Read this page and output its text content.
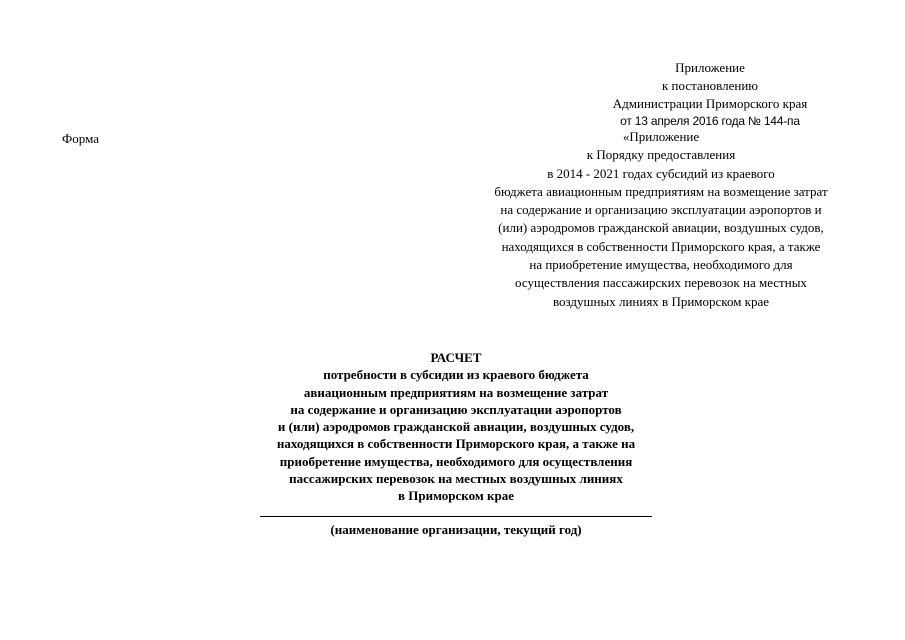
Приложение
к постановлению
Администрации Приморского края
от 13 апреля 2016 года № 144-па
Форма	«Приложение
к Порядку предоставления
в 2014 - 2021 годах субсидий из краевого
бюджета авиационным предприятиям на возмещение затрат
на содержание и организацию эксплуатации аэропортов и
(или) аэродромов гражданской авиации, воздушных судов,
находящихся в собственности Приморского края, а также
на приобретение имущества, необходимого для
осуществления пассажирских перевозок на местных
воздушных линиях в Приморском крае
РАСЧЕТ
потребности в субсидии из краевого бюджета
авиационным предприятиям на возмещение затрат
на содержание и организацию эксплуатации аэропортов
и (или) аэродромов гражданской авиации, воздушных судов,
находящихся в собственности Приморского края, а также на
приобретение имущества, необходимого для осуществления
пассажирских перевозок на местных воздушных линиях
в Приморском крае
(наименование организации, текущий год)
